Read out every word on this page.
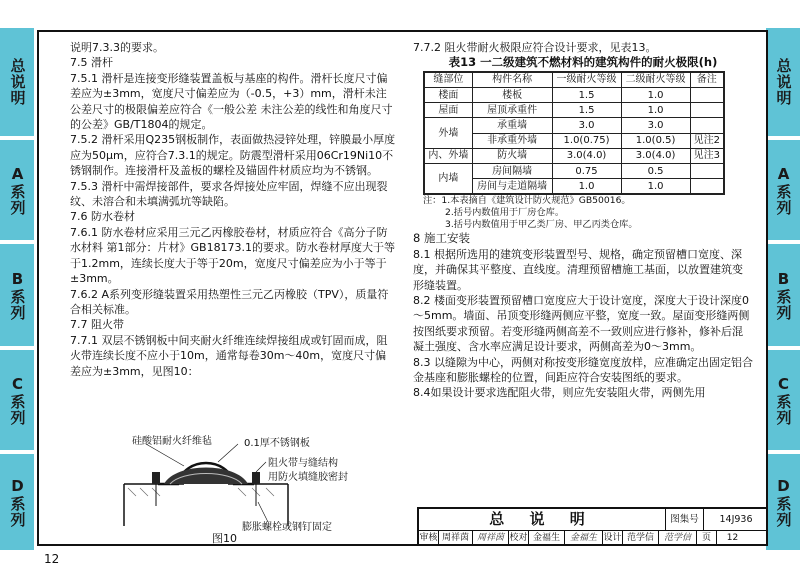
总说明
A系列
B系列
C系列
D系列
总说明
A系列
B系列
C系列
D系列

说明7.3.3的要求。

7.5 滑杆

7.5.1 滑杆是连接变形缝装置盖板与基座的构件。滑杆长度尺寸偏差应为±3mm，宽度尺寸偏差应为（-0.5，+3）mm，滑杆未注公差尺寸的极限偏差应符合《一般公差 未注公差的线性和角度尺寸的公差》GB/T1804的规定。

7.5.2 滑杆采用Q235钢板制作，表面做热浸锌处理，锌膜最小厚度应为50μm，应符合7.3.1的规定。防震型滑杆采用06Cr19Ni10不锈钢制作。连接滑杆及盖板的螺栓及锚固件材质应均为不锈钢。

7.5.3 滑杆中需焊接部件，要求各焊接处应牢固，焊缝不应出现裂纹、未溶合和未填满弧坑等缺陷。

7.6 防水卷材

7.6.1 防水卷材应采用三元乙丙橡胶卷材，材质应符合《高分子防水材料 第1部分：片材》GB18173.1的要求。防水卷材厚度大于等于1.2mm，连续长度大于等于20m，宽度尺寸偏差应为小于等于±3mm。

7.6.2 A系列变形缝装置采用热塑性三元乙丙橡胶（TPV），质量符合相关标准。

7.7 阻火带

7.7.1 双层不锈钢板中间夹耐火纤维连续焊接组成或钉固而成，阻火带连续长度不应小于10m，通常每卷30m～40m，宽度尺寸偏差应为±3mm，见图10：

硅酸铝耐火纤维毡	0.1厚不锈钢板
阻火带与缝结构
用防火填缝胶密封
膨胀螺栓或钢钉固定
图10

7.7.2 阻火带耐火极限应符合设计要求，见表13。

表13 一二级建筑不燃材料的建筑构件的耐火极限(h)

缝部位	构件名称	一级耐火等级	二级耐火等级	备注
楼面	楼板	1.5	1.0	
屋面	屋顶承重件	1.5	1.0	
外墙	承重墙	3.0	3.0	
	非承重外墙	1.0(0.75)	1.0(0.5)	见注2
内、外墙	防火墙	3.0(4.0)	3.0(4.0)	见注3
内墙	房间隔墙	0.75	0.5	
	房间与走道隔墙	1.0	1.0	
注：1.本表摘自《建筑设计防火规范》GB50016。
2.括号内数值用于厂房仓库。
3.括号内数值用于甲乙类厂房、甲乙丙类仓库。

8 施工安装

8.1 根据所选用的建筑变形装置型号、规格，确定预留槽口宽度、深度，并确保其平整度、直线度。清理预留槽施工基面，以放置建筑变形缝装置。

8.2 楼面变形装置预留槽口宽度应大于设计宽度，深度大于设计深度0～5mm。墙面、吊顶变形缝两侧应平整，宽度一致。屋面变形缝两侧按图纸要求预留。若变形缝两侧高差不一致则应进行修补，修补后混凝土强度、含水率应满足设计要求，两侧高差为0～3mm。

8.3 以缝隙为中心，两侧对称按变形缝宽度放样，应准确定出固定铝合金基座和膨胀螺栓的位置，间距应符合安装图纸的要求。

8.4如果设计要求选配阻火带，则应先安装阻火带，两侧先用

总 说 明	图集号	14J936
审核 周祥茵 周祥茵 校对 金福生	金福生 设计 范学信	范学信	页	12
12
